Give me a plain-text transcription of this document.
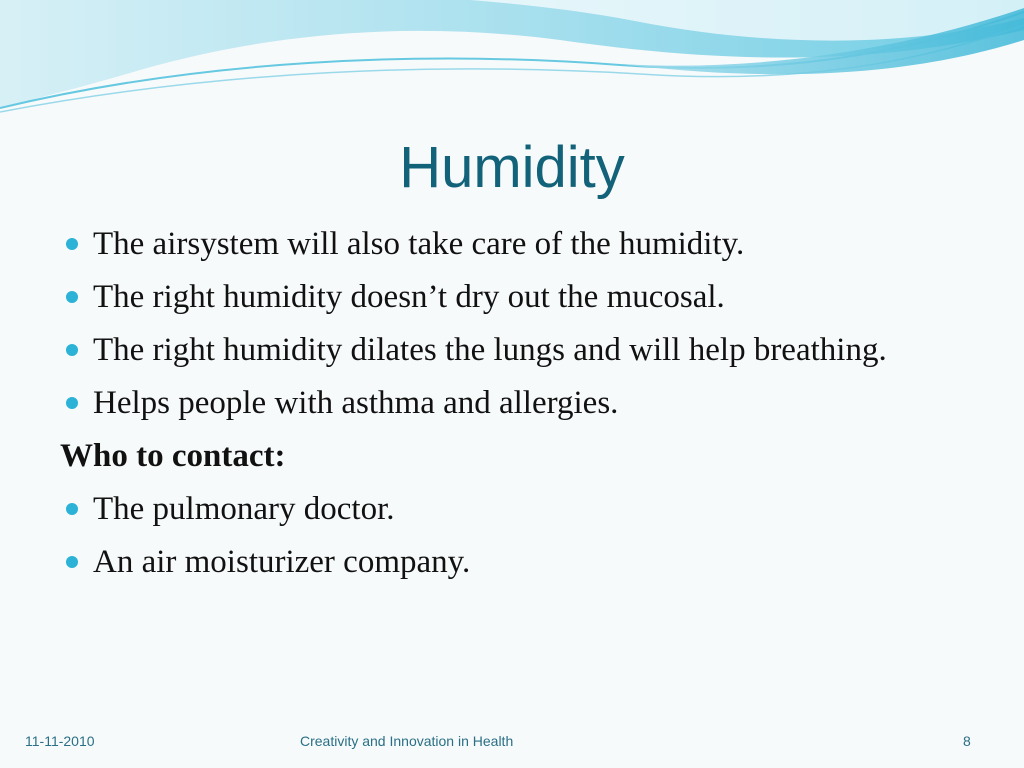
Humidity
The airsystem will also take care of the humidity.
The right humidity doesn’t dry out the mucosal.
The right humidity dilates the lungs and will help breathing.
Helps people with asthma and allergies.
Who to contact:
The pulmonary doctor.
An air moisturizer company.
11-11-2010	Creativity and Innovation in Health	8
